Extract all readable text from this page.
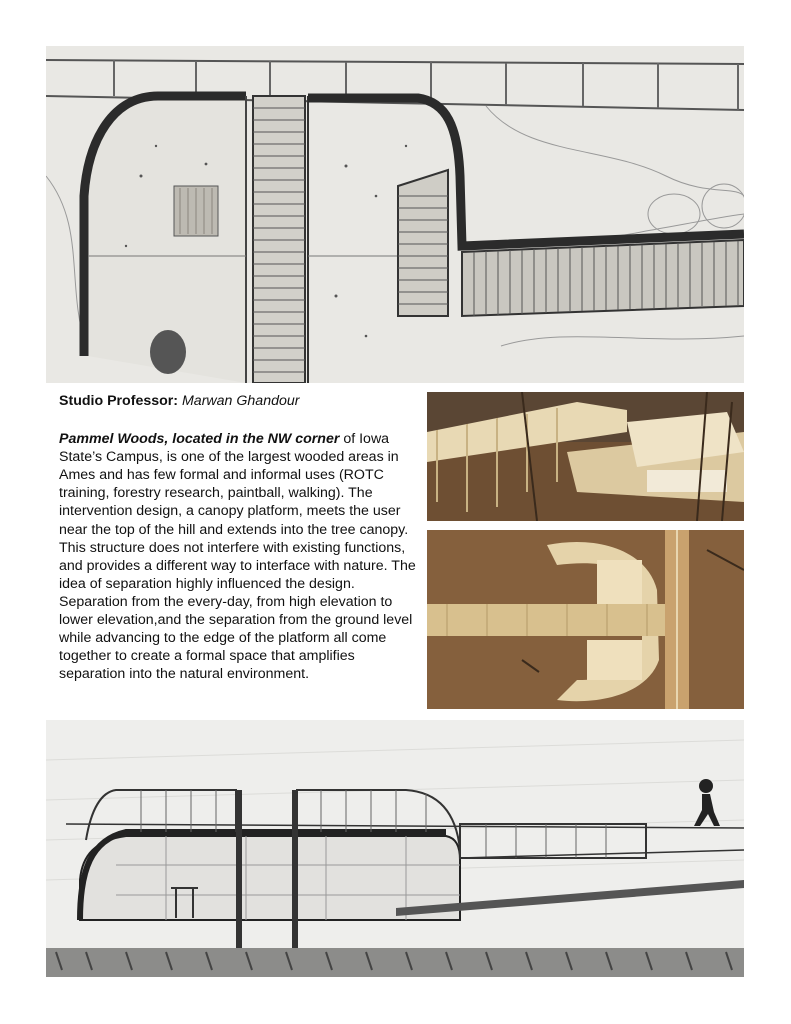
Studio Professor: Marwan Ghandour

Pammel Woods, located in the NW corner of Iowa State’s Campus, is one of the largest wooded areas in Ames and has few formal and informal uses (ROTC training, forestry research, paintball, walking). The intervention design, a canopy platform, meets the user near the top of the hill and extends into the tree canopy. This structure does not interfere with existing functions, and provides a different way to interface with nature. The idea of separation highly influenced the design. Separation from the every-day, from high elevation to lower elevation,and the separation from the ground level while advancing to the edge of the platform all come together to create a formal space that amplifies separation into the natural environment.
